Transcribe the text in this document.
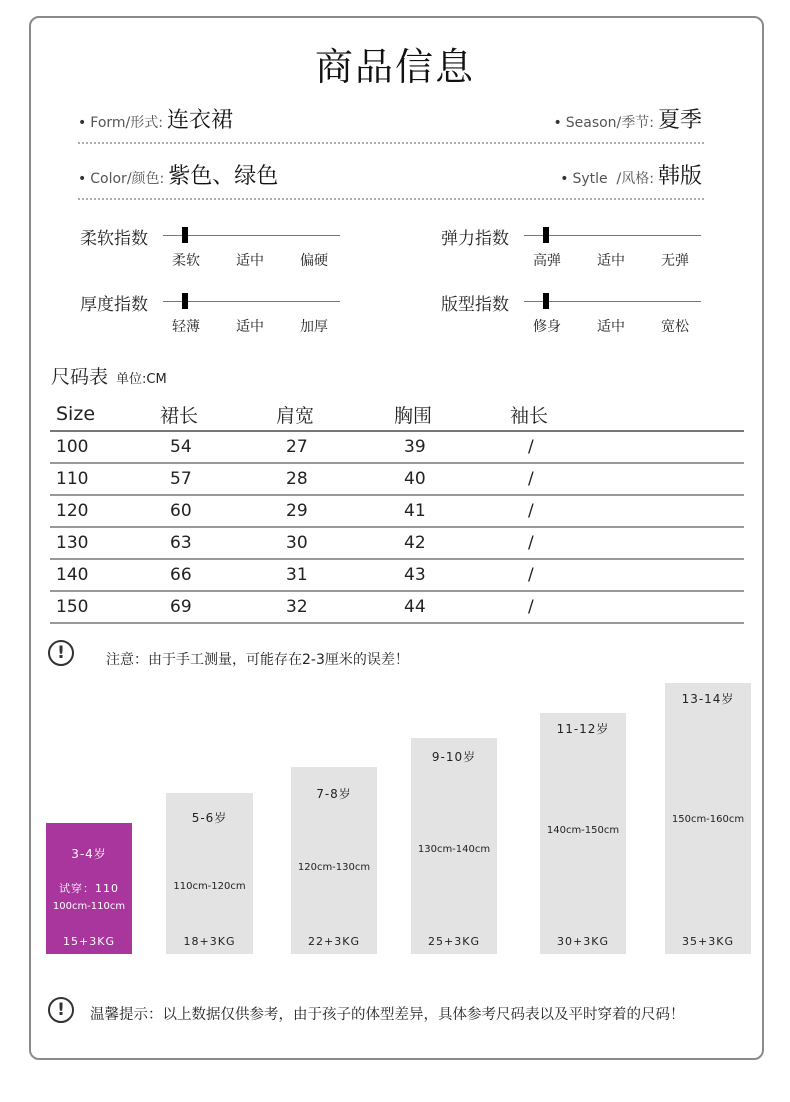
商品信息
• Form/形式: 连衣裙	• Season/季节: 夏季
• Color/颜色: 紫色、绿色	• Sytle  /风格: 韩版
柔软指数
柔软	适中	偏硬
弹力指数
高弹	适中	无弹
厚度指数
轻薄	适中	加厚
版型指数
修身	适中	宽松
尺码表 单位:CM
Size	裙长	肩宽	胸围	袖长
100	54	27	39	/
110	57	28	40	/
120	60	29	41	/
130	63	30	42	/
140	66	31	43	/
150	69	32	44	/
!	注意：由于手工测量，可能存在2-3厘米的误差！
3-4岁
试穿：110
100cm-110cm
15+3KG
5-6岁
110cm-120cm
18+3KG
7-8岁
120cm-130cm
22+3KG
9-10岁
130cm-140cm
25+3KG
11-12岁
140cm-150cm
30+3KG
13-14岁
150cm-160cm
35+3KG
!	温馨提示：以上数据仅供参考，由于孩子的体型差异，具体参考尺码表以及平时穿着的尺码！
